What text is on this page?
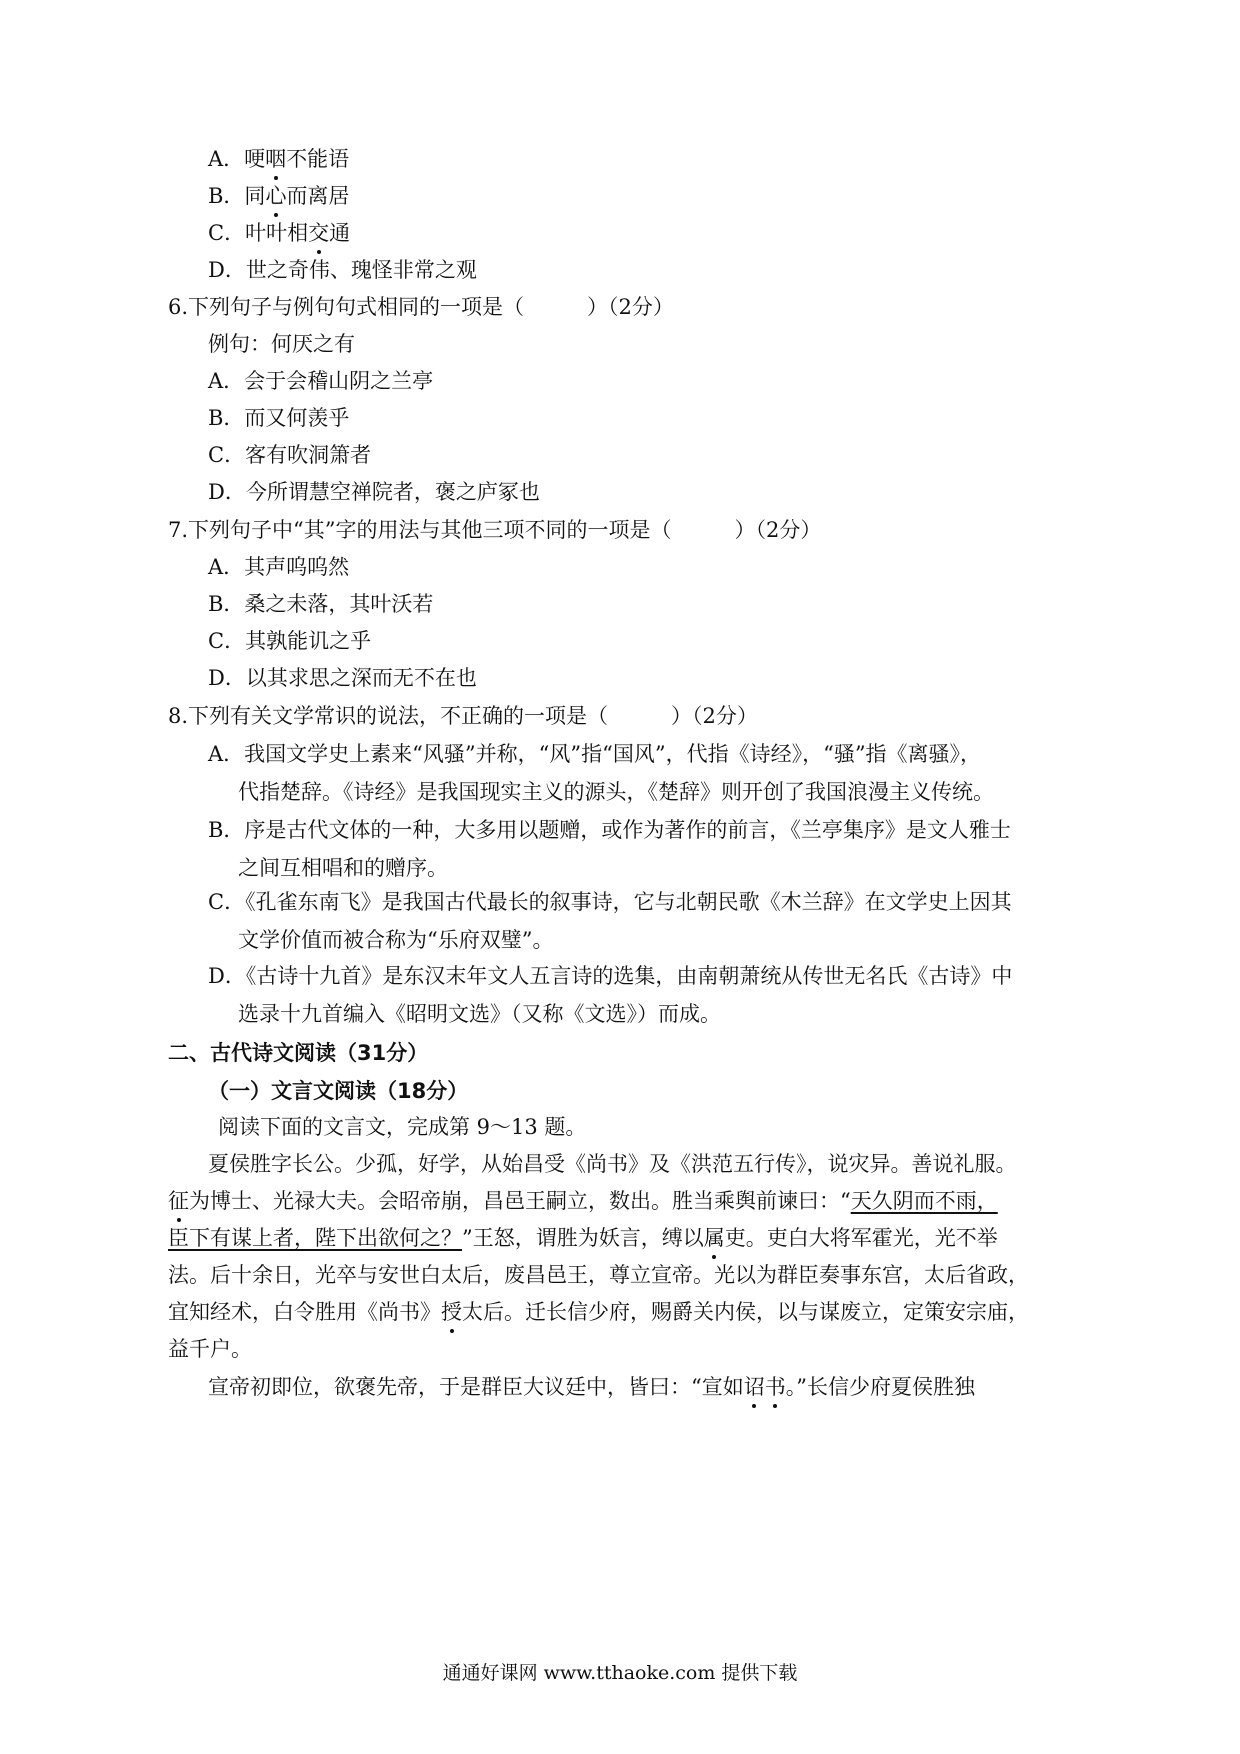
A．哽咽不能语
B．同心而离居
C．叶叶相交通
D．世之奇伟、瑰怪非常之观
6.下列句子与例句句式相同的一项是（　　　）（2分）
例句：何厌之有
A．会于会稽山阴之兰亭
B．而又何羡乎
C．客有吹洞箫者
D．今所谓慧空禅院者，褒之庐冢也
7.下列句子中“其”字的用法与其他三项不同的一项是（　　　）（2分）
A．其声呜呜然
B．桑之未落，其叶沃若
C．其孰能讥之乎
D．以其求思之深而无不在也
8.下列有关文学常识的说法，不正确的一项是（　　　）（2分）
A．我国文学史上素来“风骚”并称，“风”指“国风”，代指《诗经》，“骚”指《离骚》，
代指楚辞。《诗经》是我国现实主义的源头，《楚辞》则开创了我国浪漫主义传统。
B．序是古代文体的一种，大多用以题赠，或作为著作的前言，《兰亭集序》是文人雅士
之间互相唱和的赠序。
C．《孔雀东南飞》是我国古代最长的叙事诗，它与北朝民歌《木兰辞》在文学史上因其
文学价值而被合称为“乐府双璧”。
D．《古诗十九首》是东汉末年文人五言诗的选集，由南朝萧统从传世无名氏《古诗》中
选录十九首编入《昭明文选》（又称《文选》）而成。
二、古代诗文阅读（31分）
（一）文言文阅读（18分）
阅读下面的文言文，完成第 9～13 题。
夏侯胜字长公。少孤，好学，从始昌受《尚书》及《洪范五行传》，说灾异。善说礼服。
征为博士、光禄大夫。会昭帝崩，昌邑王嗣立，数出。胜当乘舆前谏曰：“天久阴而不雨，
臣下有谋上者，陛下出欲何之？”王怒，谓胜为妖言，缚以属吏。吏白大将军霍光，光不举
法。后十余日，光卒与安世白太后，废昌邑王，尊立宣帝。光以为群臣奏事东宫，太后省政，
宜知经术，白令胜用《尚书》授太后。迁长信少府，赐爵关内侯，以与谋废立，定策安宗庙，
益千户。
宣帝初即位，欲褒先帝，于是群臣大议廷中，皆曰：“宣如诏书。”长信少府夏侯胜独
通通好课网 www.tthaoke.com 提供下载
